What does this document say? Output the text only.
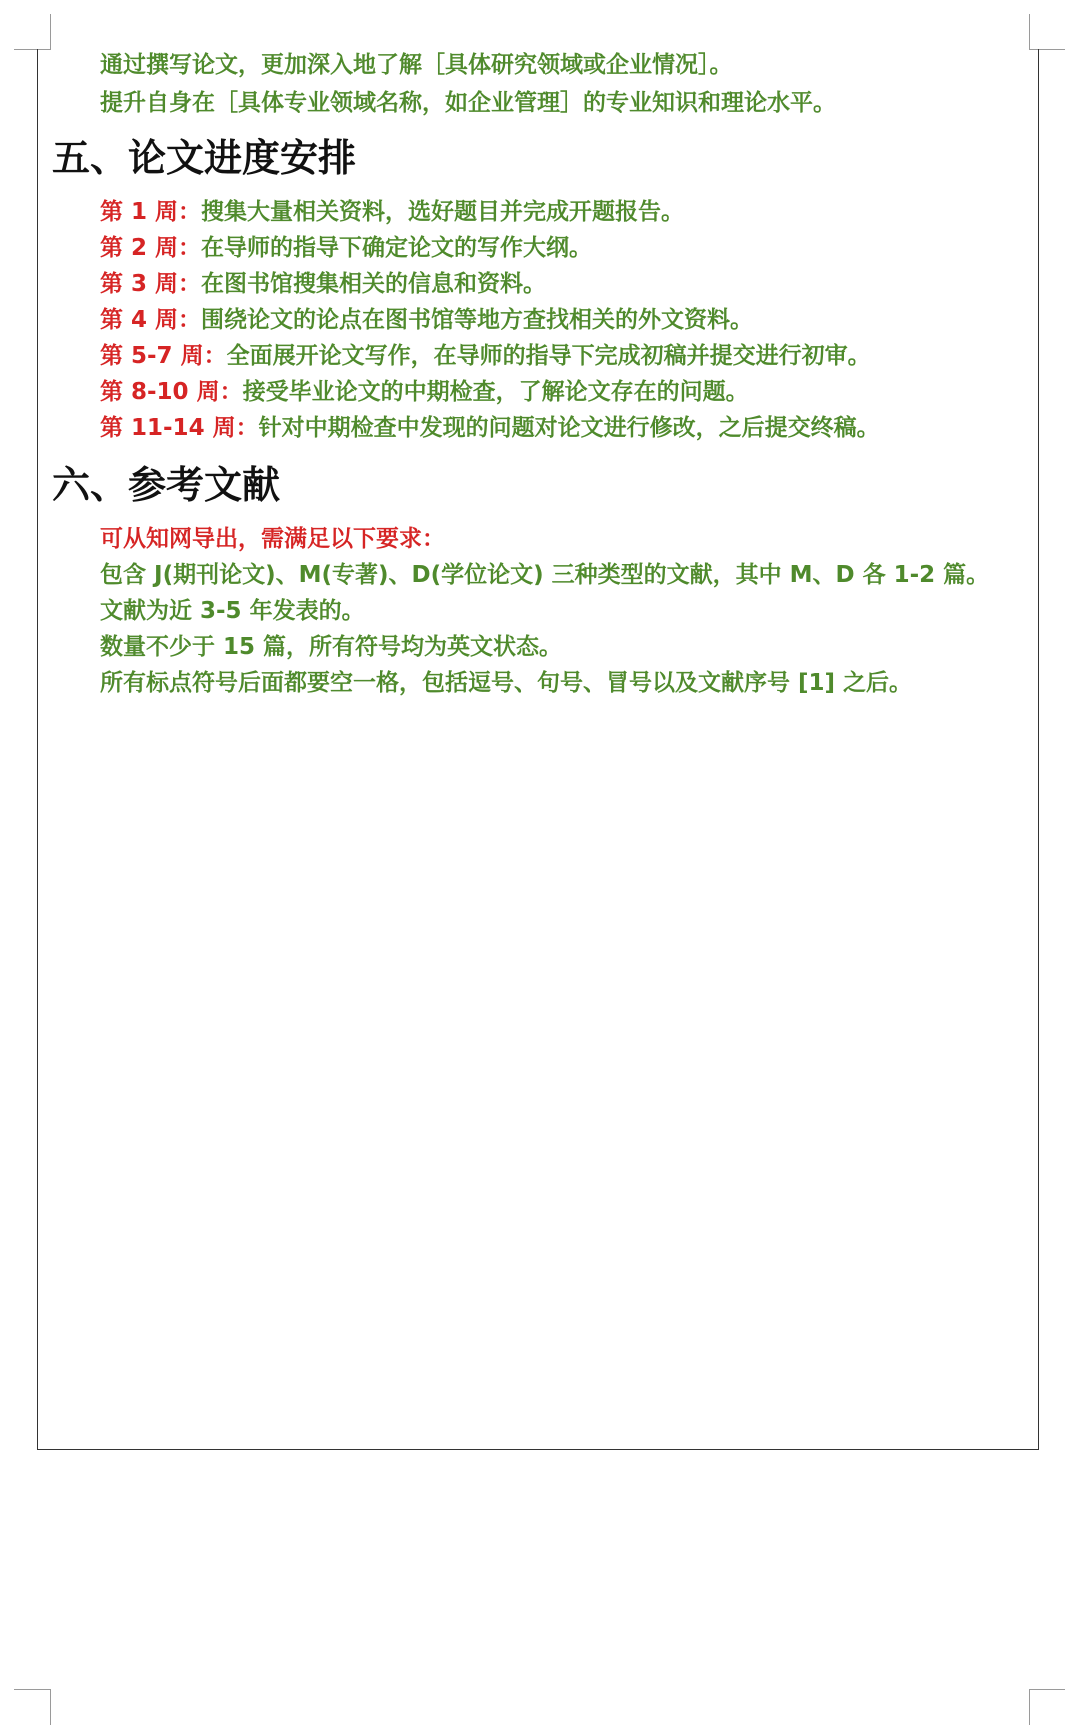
通过撰写论文，更加深入地了解［具体研究领域或企业情况］。
提升自身在［具体专业领域名称，如企业管理］的专业知识和理论水平。
五、论文进度安排
第 1 周：搜集大量相关资料，选好题目并完成开题报告。
第 2 周：在导师的指导下确定论文的写作大纲。
第 3 周：在图书馆搜集相关的信息和资料。
第 4 周：围绕论文的论点在图书馆等地方查找相关的外文资料。
第 5-7 周：全面展开论文写作，在导师的指导下完成初稿并提交进行初审。
第 8-10 周：接受毕业论文的中期检查，了解论文存在的问题。
第 11-14 周：针对中期检查中发现的问题对论文进行修改，之后提交终稿。
六、参考文献
可从知网导出，需满足以下要求：
包含 J(期刊论文)、M(专著)、D(学位论文) 三种类型的文献，其中 M、D 各 1-2 篇。
文献为近 3-5 年发表的。
数量不少于 15 篇，所有符号均为英文状态。
所有标点符号后面都要空一格，包括逗号、句号、冒号以及文献序号 [1] 之后。
